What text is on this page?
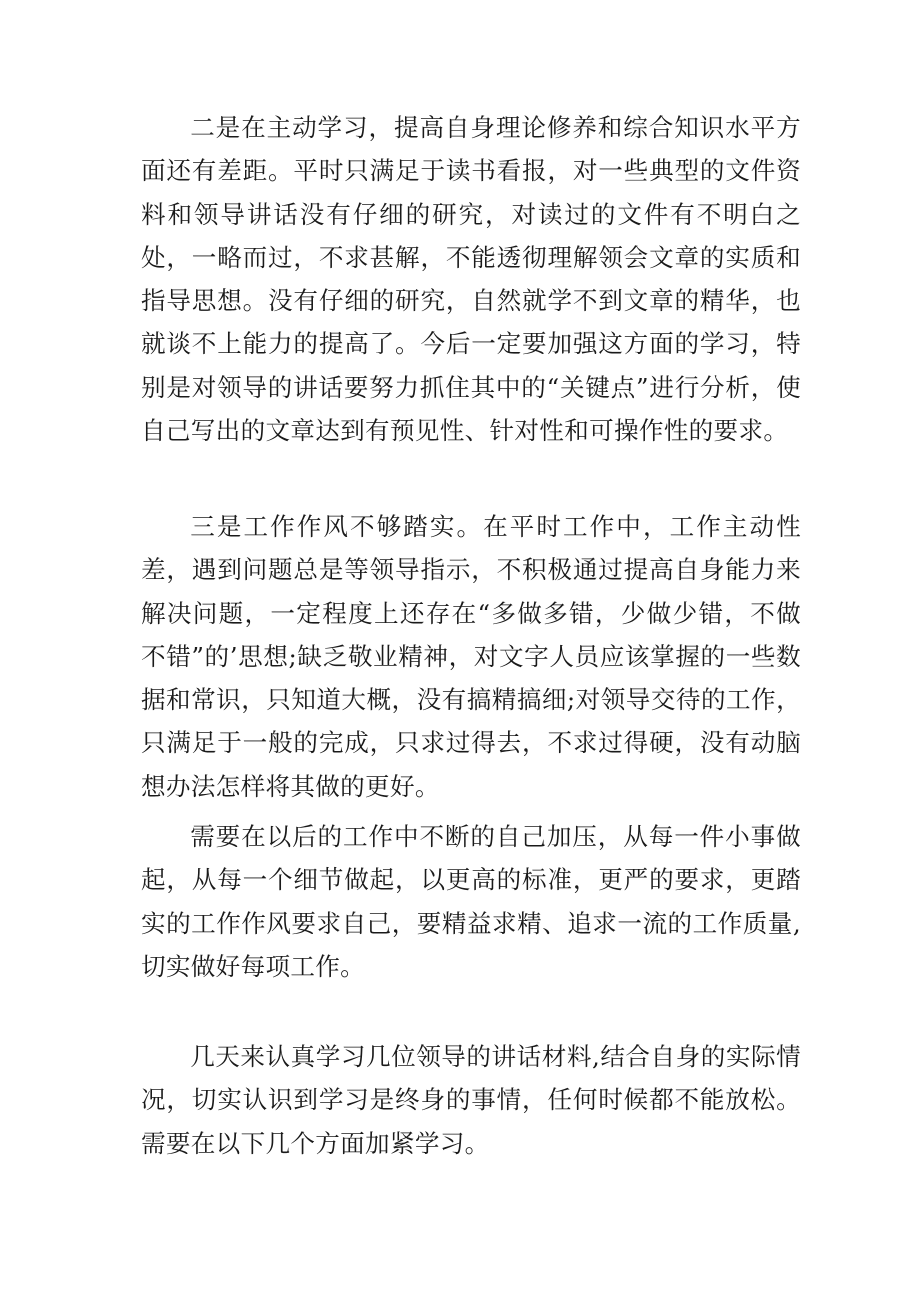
二是在主动学习，提高自身理论修养和综合知识水平方面还有差距。平时只满足于读书看报，对一些典型的文件资料和领导讲话没有仔细的研究，对读过的文件有不明白之处，一略而过，不求甚解，不能透彻理解领会文章的实质和指导思想。没有仔细的研究，自然就学不到文章的精华，也就谈不上能力的提高了。今后一定要加强这方面的学习，特别是对领导的讲话要努力抓住其中的“关键点”进行分析，使自己写出的文章达到有预见性、针对性和可操作性的要求。

三是工作作风不够踏实。在平时工作中，工作主动性差，遇到问题总是等领导指示，不积极通过提高自身能力来解决问题，一定程度上还存在“多做多错，少做少错，不做不错”的’思想;缺乏敬业精神，对文字人员应该掌握的一些数据和常识，只知道大概，没有搞精搞细;对领导交待的工作，只满足于一般的完成，只求过得去，不求过得硬，没有动脑想办法怎样将其做的更好。

需要在以后的工作中不断的自己加压，从每一件小事做起，从每一个细节做起，以更高的标准，更严的要求，更踏实的工作作风要求自己，要精益求精、追求一流的工作质量,切实做好每项工作。

几天来认真学习几位领导的讲话材料,结合自身的实际情况，切实认识到学习是终身的事情，任何时候都不能放松。需要在以下几个方面加紧学习。
